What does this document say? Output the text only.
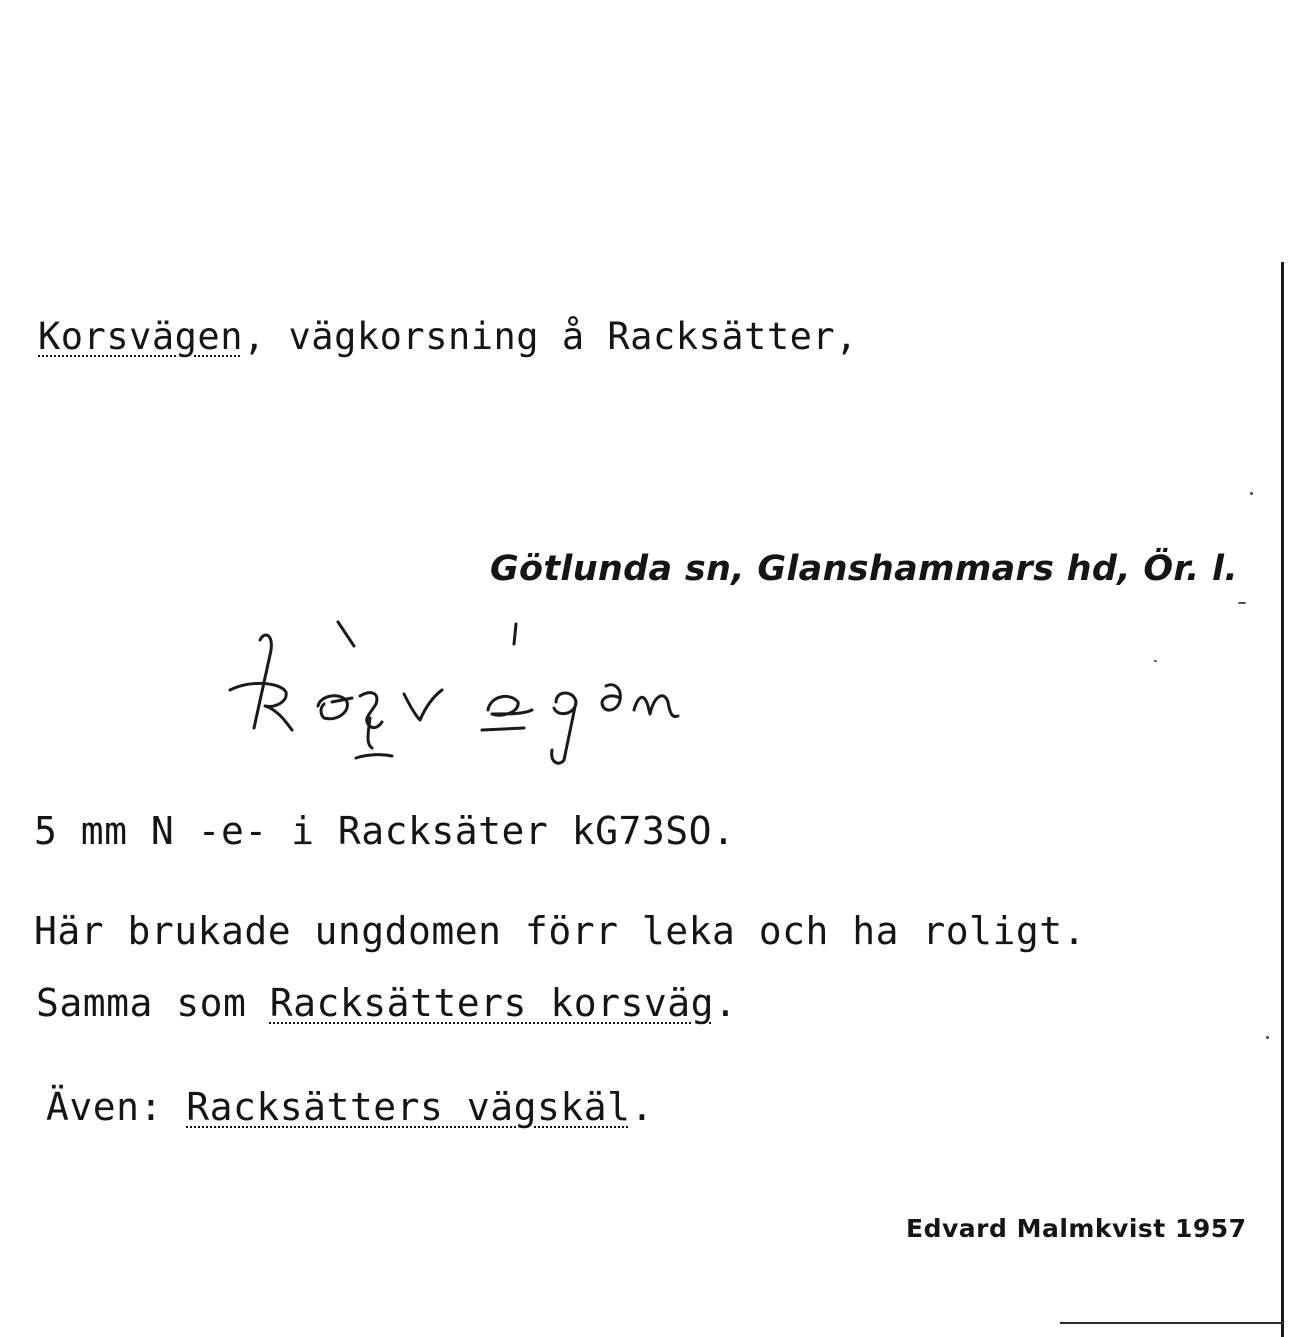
Korsvägen, vägkorsning å Racksätter,
Götlunda sn, Glanshammars hd, Ör. l.
5 mm N -e- i Racksäter kG73SO.
Här brukade ungdomen förr leka och ha roligt.
Samma som Racksätters korsväg.
Även: Racksätters vägskäl.
Edvard Malmkvist 1957
